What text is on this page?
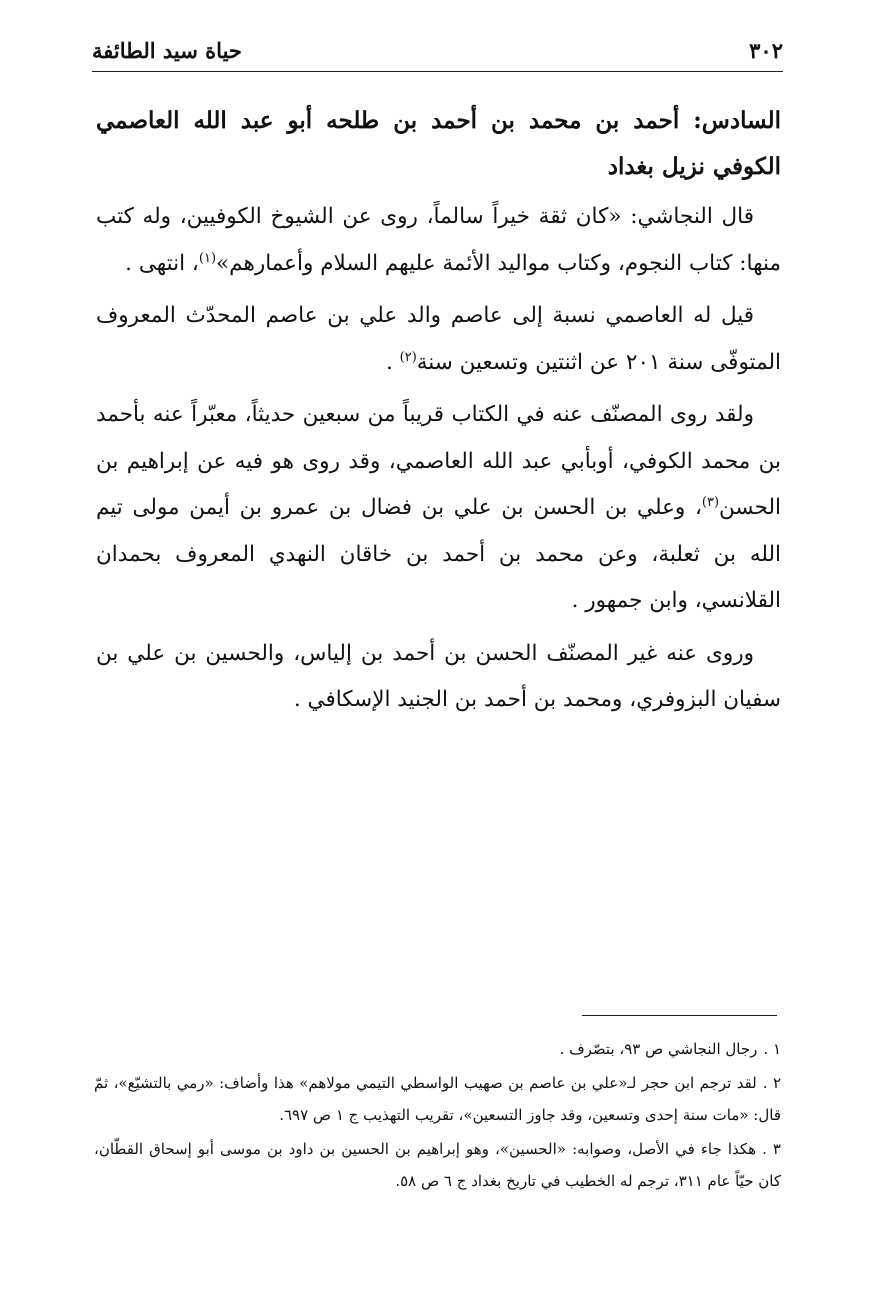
٣٠٢
حياة سيد الطائفة

السادس: أحمد بن محمد بن أحمد بن طلحه أبو عبد الله العاصمي الكوفي نزيل بغداد

قال النجاشي: «كان ثقة خيراً سالماً، روى عن الشيوخ الكوفيين، وله كتب منها: كتاب النجوم، وكتاب مواليد الأئمة عليهم السلام وأعمارهم»$^{(١)}$، انتهى .

قيل له العاصمي نسبة إلى عاصم والد علي بن عاصم المحدّث المعروف المتوفّى سنة ٢٠١ عن اثنتين وتسعين سنة$^{(٢)}$ .

ولقد روى المصنّف عنه في الكتاب قريباً من سبعين حديثاً، معبّراً عنه بأحمد بن محمد الكوفي، أوبأبي عبد الله العاصمي، وقد روى هو فيه عن إبراهيم بن الحسن$^{(٣)}$، وعلي بن الحسن بن علي بن فضال بن عمرو بن أيمن مولى تيم الله بن ثعلبة، وعن محمد بن أحمد بن خاقان النهدي المعروف بحمدان القلانسي، وابن جمهور .

وروى عنه غير المصنّف الحسن بن أحمد بن إلياس، والحسين بن علي بن سفيان البزوفري، ومحمد بن أحمد بن الجنيد الإسكافي .

١ .رجال النجاشي ص ٩٣، بتصّرف .

٢ .لقد ترجم ابن حجر لـ«علي بن عاصم بن صهيب الواسطي التيمي مولاهم» هذا وأضاف: «رمي بالتشيّع»، ثمّ قال: «مات سنة إحدى وتسعين، وقد جاوز التسعين»، تقريب التهذيب ج ١ ص ٦٩٧.

٣ .هكذا جاء في الأصل، وصوابه: «الحسين»، وهو إبراهيم بن الحسين بن داود بن موسى أبو إسحاق القطّان، كان حيّاً عام ٣١١، ترجم له الخطيب في تاريخ بغداد ج ٦ ص ٥٨.
